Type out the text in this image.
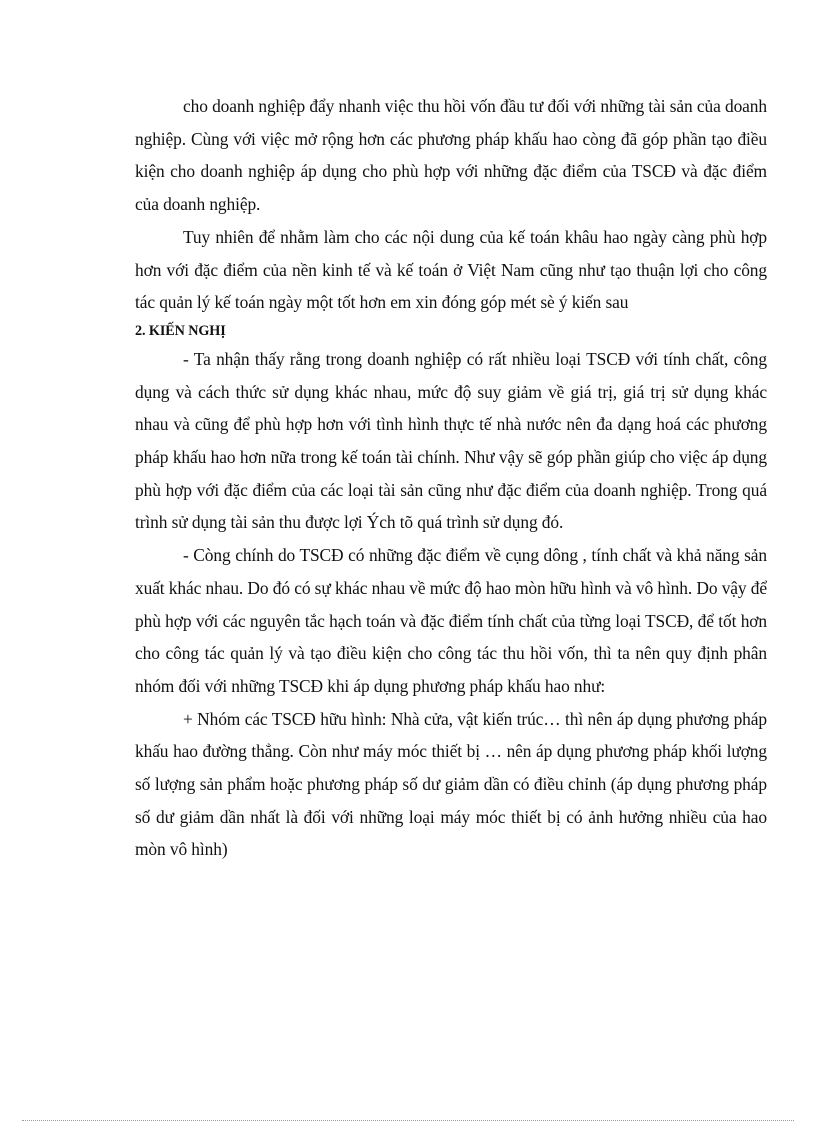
cho doanh nghiệp đẩy nhanh việc thu hồi vốn đầu tư đối với những tài sản của doanh nghiệp. Cùng với việc mở rộng hơn các phương pháp khấu hao còng đã góp phần tạo điều kiện cho doanh nghiệp áp dụng cho phù hợp với những đặc điểm của TSCĐ và đặc điểm của doanh nghiệp.

Tuy nhiên để nhằm làm cho các nội dung của kế toán khâu hao ngày càng phù hợp hơn với đặc điểm của nền kinh tế và kế toán ở Việt Nam cũng như tạo thuận lợi cho công tác quản lý kế toán ngày một tốt hơn em xin đóng góp mét sè ý kiến sau

2. KIẾN NGHỊ

- Ta nhận thấy rằng trong doanh nghiệp có rất nhiều loại TSCĐ với tính chất, công dụng và cách thức sử dụng khác nhau, mức độ suy giảm về giá trị, giá trị sử dụng khác nhau và cũng để phù hợp hơn với tình hình thực tế nhà nước nên đa dạng hoá các phương pháp khấu hao hơn nữa trong kế toán tài chính. Như vậy sẽ góp phần giúp cho việc áp dụng phù hợp với đặc điểm của các loại tài sản cũng như đặc điểm của doanh nghiệp. Trong quá trình sử dụng tài sản thu được lợi Ých tõ quá trình sử dụng đó.

- Còng chính do TSCĐ có những đặc điểm về cụng dông , tính chất và khả năng sản xuất khác nhau. Do đó có sự khác nhau về mức độ hao mòn hữu hình và vô hình. Do vậy để phù hợp với các nguyên tắc hạch toán và đặc điểm tính chất của từng loại TSCĐ, để tốt hơn cho công tác quản lý và tạo điều kiện cho công tác thu hồi vốn, thì ta nên quy định phân nhóm đối với những TSCĐ khi áp dụng phương pháp khấu hao như:

+ Nhóm các TSCĐ hữu hình: Nhà cửa, vật kiến trúc… thì nên áp dụng phương pháp khấu hao đường thẳng. Còn như máy móc thiết bị … nên áp dụng phương pháp khối lượng số lượng sản phẩm hoặc phương pháp số dư giảm dần có điều chỉnh (áp dụng phương pháp số dư giảm dần nhất là đối với những loại máy móc thiết bị có ảnh hưởng nhiều của hao mòn vô hình)
